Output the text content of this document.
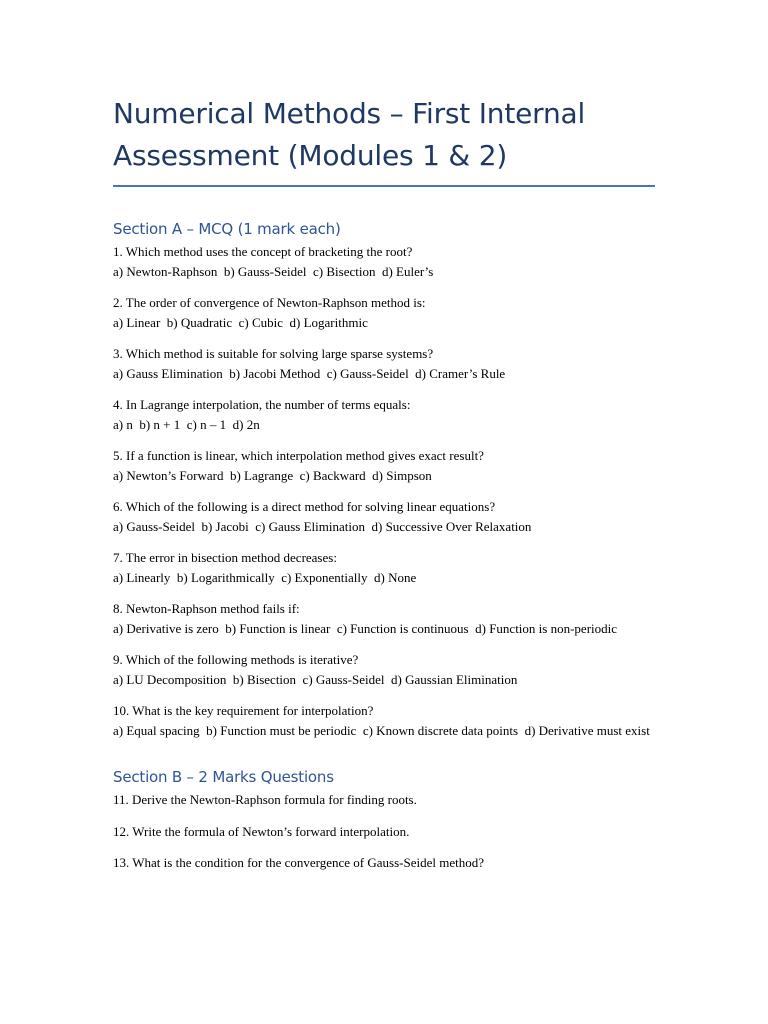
Numerical Methods – First Internal Assessment (Modules 1 & 2)
Section A – MCQ (1 mark each)

1. Which method uses the concept of bracketing the root?
a) Newton-Raphson  b) Gauss-Seidel  c) Bisection  d) Euler’s

2. The order of convergence of Newton-Raphson method is:
a) Linear  b) Quadratic  c) Cubic  d) Logarithmic

3. Which method is suitable for solving large sparse systems?
a) Gauss Elimination  b) Jacobi Method  c) Gauss-Seidel  d) Cramer’s Rule

4. In Lagrange interpolation, the number of terms equals:
a) n  b) n + 1  c) n – 1  d) 2n

5. If a function is linear, which interpolation method gives exact result?
a) Newton’s Forward  b) Lagrange  c) Backward  d) Simpson

6. Which of the following is a direct method for solving linear equations?
a) Gauss-Seidel  b) Jacobi  c) Gauss Elimination  d) Successive Over Relaxation

7. The error in bisection method decreases:
a) Linearly  b) Logarithmically  c) Exponentially  d) None

8. Newton-Raphson method fails if:
a) Derivative is zero  b) Function is linear  c) Function is continuous  d) Function is non-periodic

9. Which of the following methods is iterative?
a) LU Decomposition  b) Bisection  c) Gauss-Seidel  d) Gaussian Elimination

10. What is the key requirement for interpolation?
a) Equal spacing  b) Function must be periodic  c) Known discrete data points  d) Derivative must exist

Section B – 2 Marks Questions

11. Derive the Newton-Raphson formula for finding roots.

12. Write the formula of Newton’s forward interpolation.

13. What is the condition for the convergence of Gauss-Seidel method?
